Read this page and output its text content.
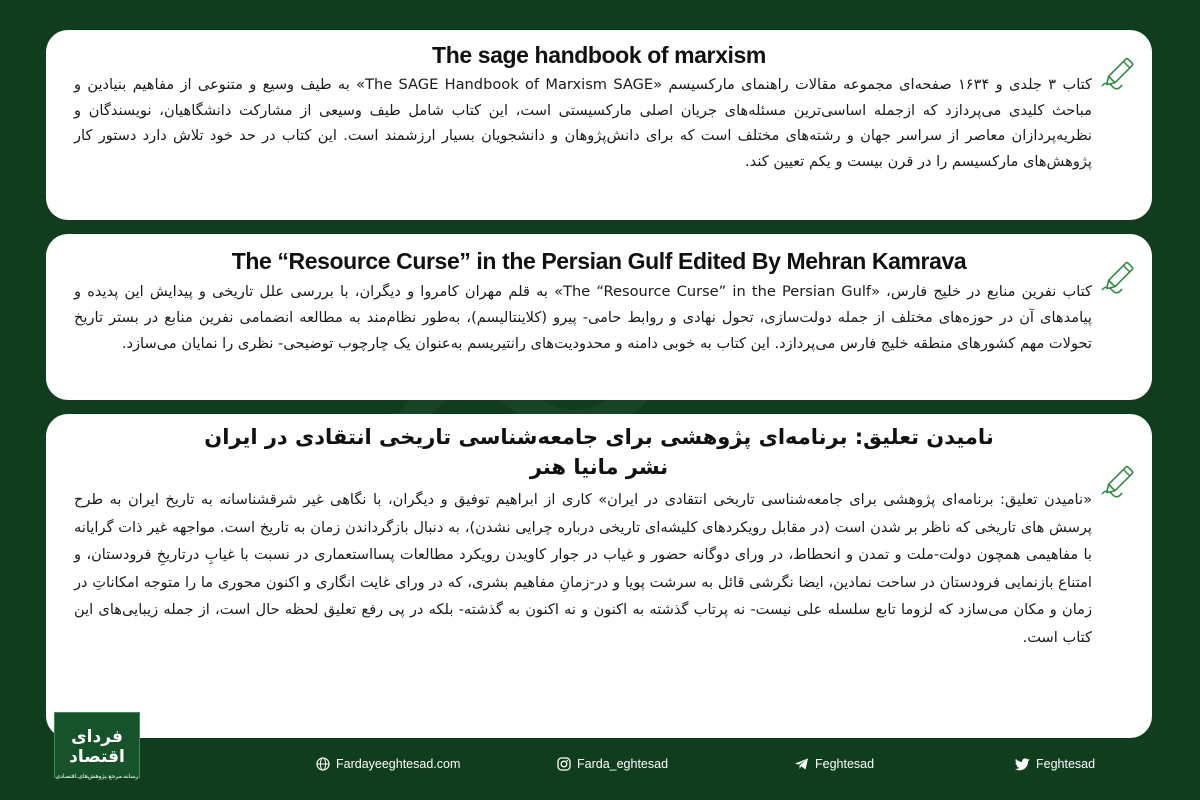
The sage handbook of marxism

کتاب ۳ جلدی و ۱۶۳۴ صفحه‌ای مجموعه مقالات راهنمای مارکسیسم «The SAGE Handbook of Marxism SAGE» به طیف وسیع و متنوعی از مفاهیم بنیادین و مباحث کلیدی می‌پردازد که ازجمله اساسی‌ترین مسئله‌های جریان اصلی مارکسیستی است، این کتاب شامل طیف وسیعی از مشارکت دانشگاهیان، نویسندگان و نظریه‌پردازان معاصر از سراسر جهان و رشته‌های مختلف است که برای دانش‌پژوهان و دانشجویان بسیار ارزشمند است. این کتاب در حد خود تلاش دارد دستور کار پژوهش‌های مارکسیسم را در قرن بیست و یکم تعیین کند.

The “Resource Curse” in the Persian Gulf Edited By Mehran Kamrava

کتاب نفرین منابع در خلیج فارس، «The “Resource Curse” in the Persian Gulf» به قلم مهران کامروا و دیگران، با بررسی علل تاریخی و پیدایش این پدیده و پیامدهای آن در حوزه‌های مختلف از جمله دولت‌سازی، تحول نهادی و روابط حامی- پیرو (کلاینتالیسم)، به‌طور نظام‌مند به مطالعه انضمامی نفرین منابع در بستر تاریخ تحولات مهم کشورهای منطقه خلیج فارس می‌پردازد. این کتاب به خوبی دامنه و محدودیت‌های رانتیریسم به‌عنوان یک چارچوب توضیحی- نظری را نمایان می‌سازد.

نامیدن تعلیق: برنامه‌ای پژوهشی برای جامعه‌شناسی تاریخی انتقادی در ایران
نشر مانیا هنر

«نامیدن تعلیق: برنامه‌ای پژوهشی برای جامعه‌شناسی تاریخی انتقادی در ایران» کاری از ابراهیم توفیق و دیگران، با نگاهی غیر شرقشناسانه به تاریخ ایران به طرح پرسش های تاریخی که ناظر بر شدن است (در مقابل رویکردهای کلیشه‌ای تاریخی درباره چرایی نشدن)، به دنبال بازگرداندن زمان به تاریخ است. مواجهه غیر ذات گرایانه با مفاهیمی همچون دولت-ملت و تمدن و انحطاط، در ورای دوگانه حضور و غیاب در جوار کاویدن رویکرد مطالعات پسااستعماری در نسبت با غیابِ درتاریخِ فرودستان، و امتناع بازنمایی فرودستان در ساحت نمادین، ایضا نگرشی قائل به سرشت پویا و در-زمانِ مفاهیم بشری، که در ورای غایت انگاری و اکنون محوری ما را متوجه امکاناتِ در زمان و مکان می‌سازد که لزوما تابع سلسله علی نیست- نه پرتاب گذشته به اکنون و نه اکنون به گذشته- بلکه در پی رفع تعلیق لحظه حال است، از جمله زیبایی‌های این کتاب است.

فردای اقتصاد
رسانه مرجع پژوهش‌های اقتصادی
Fardayeeghtesad.com	Farda_eghtesad	Feghtesad	Feghtesad
